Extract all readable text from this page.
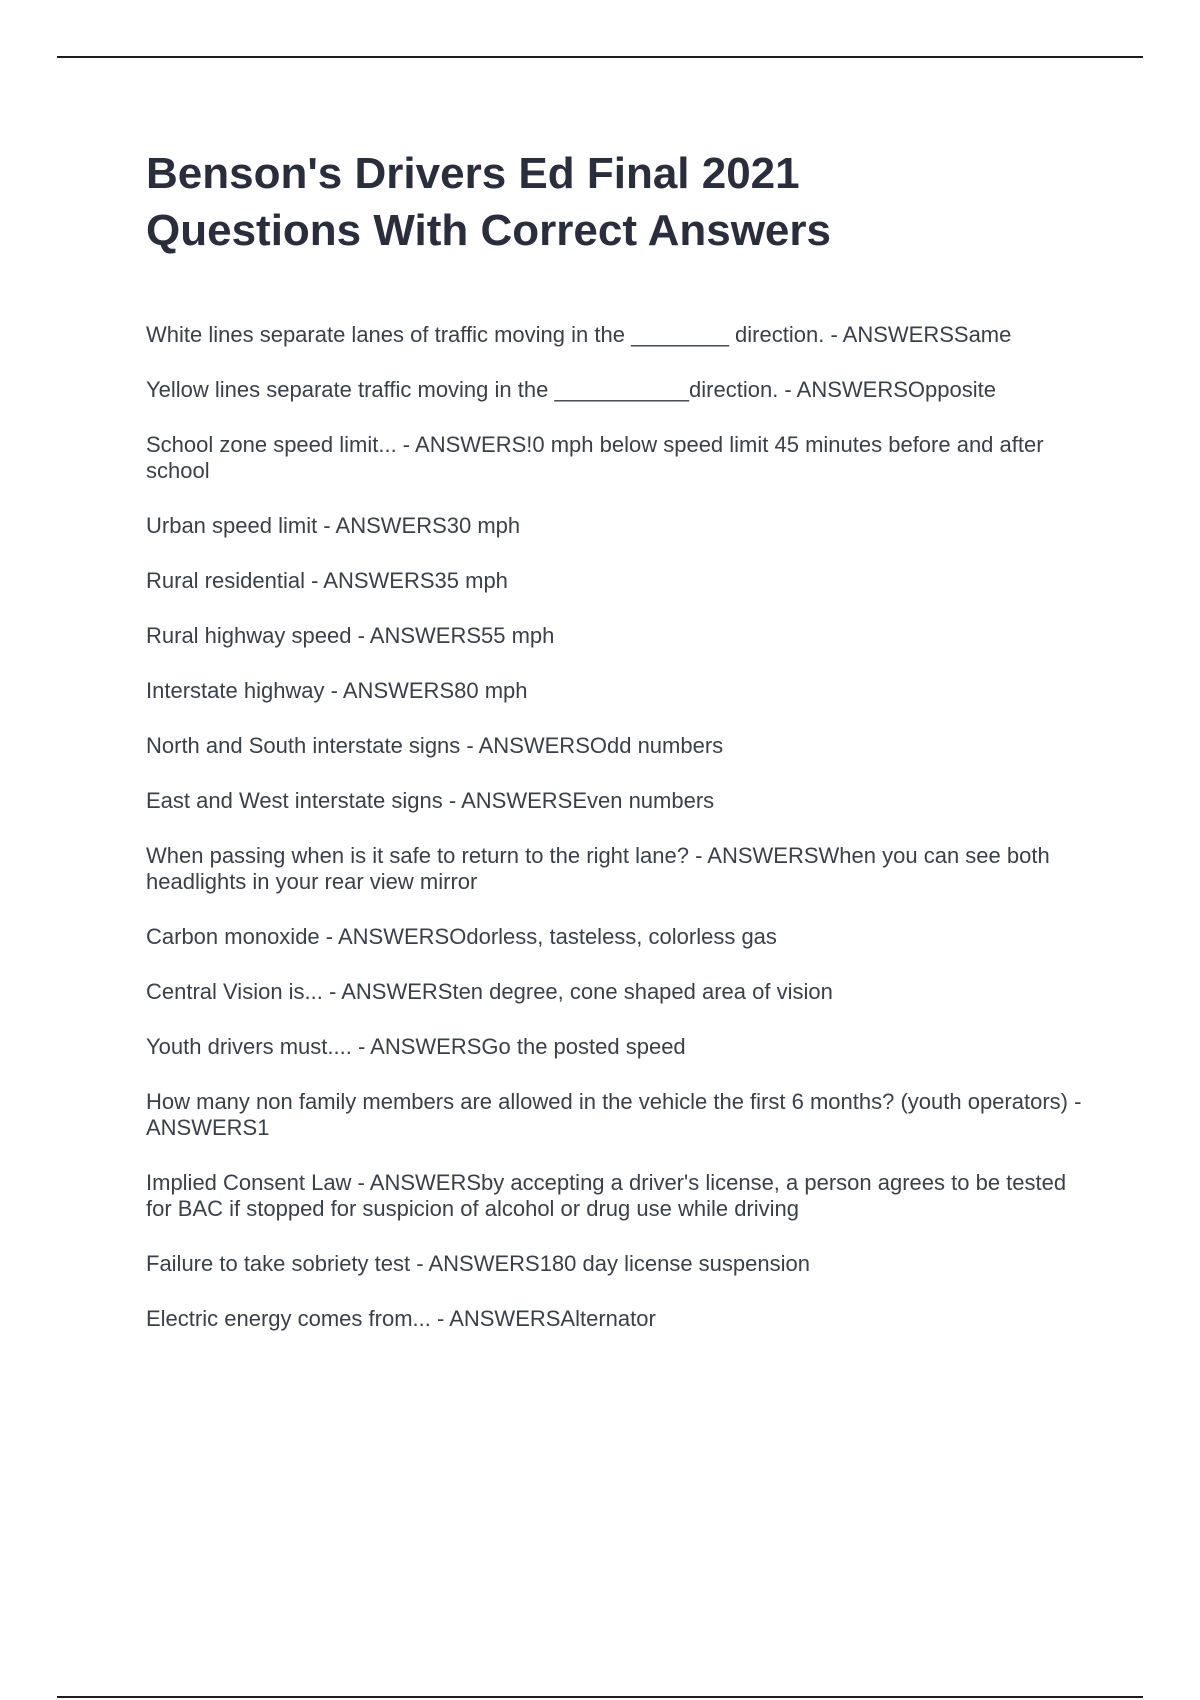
Benson's Drivers Ed Final 2021
Questions With Correct Answers

White lines separate lanes of traffic moving in the ________ direction. - ANSWERSSame

Yellow lines separate traffic moving in the ___________direction. - ANSWERSOpposite

School zone speed limit... - ANSWERS!0 mph below speed limit 45 minutes before and after school

Urban speed limit - ANSWERS30 mph

Rural residential - ANSWERS35 mph

Rural highway speed - ANSWERS55 mph

Interstate highway - ANSWERS80 mph

North and South interstate signs - ANSWERSOdd numbers

East and West interstate signs - ANSWERSEven numbers

When passing when is it safe to return to the right lane? - ANSWERSWhen you can see both headlights in your rear view mirror

Carbon monoxide - ANSWERSOdorless, tasteless, colorless gas

Central Vision is... - ANSWERSten degree, cone shaped area of vision

Youth drivers must.... - ANSWERSGo the posted speed

How many non family members are allowed in the vehicle the first 6 months? (youth operators) - ANSWERS1

Implied Consent Law - ANSWERSby accepting a driver's license, a person agrees to be tested for BAC if stopped for suspicion of alcohol or drug use while driving

Failure to take sobriety test - ANSWERS180 day license suspension

Electric energy comes from... - ANSWERSAlternator
